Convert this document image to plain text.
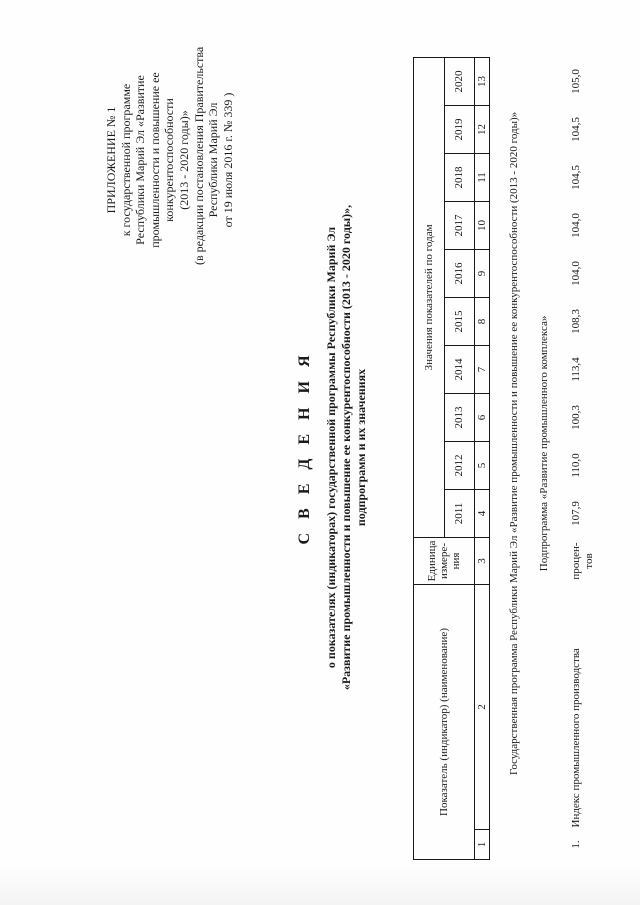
ПРИЛОЖЕНИЕ № 1 к государственной программе Республики Марий Эл «Развитие промышленности и повышение ее конкурентоспособности (2013 - 2020 годы)» (в редакции постановления Правительства Республики Марий Эл от 19 июля 2016 г. № 339 )
С В Е Д Е Н И Я о показателях (индикаторах) государственной программы Республики Марий Эл «Развитие промышленности и повышение ее конкурентоспособности (2013 - 2020 годы)», подпрограмм и их значениях
Показатель (индикатор) (наименование)		Единица измере- ния	Значения показателей по годам									
			2011	2012	2013	2014	2015	2016	2017	2018	2019	2020
1	2	3	4	5	6	7	8	9	10	11	12	13
	Государственная программа Республики Марий Эл «Развитие промышленности и повышение ее конкурентоспособности (2013 - 2020 годы)»											
	Подпрограмма «Развитие промышленного комплекса»											
1.	Индекс промышленного производства	процен- тов	107,9	110,0	100,3	113,4	108,3	104,0	104,0	104,5	104,5	105,0
